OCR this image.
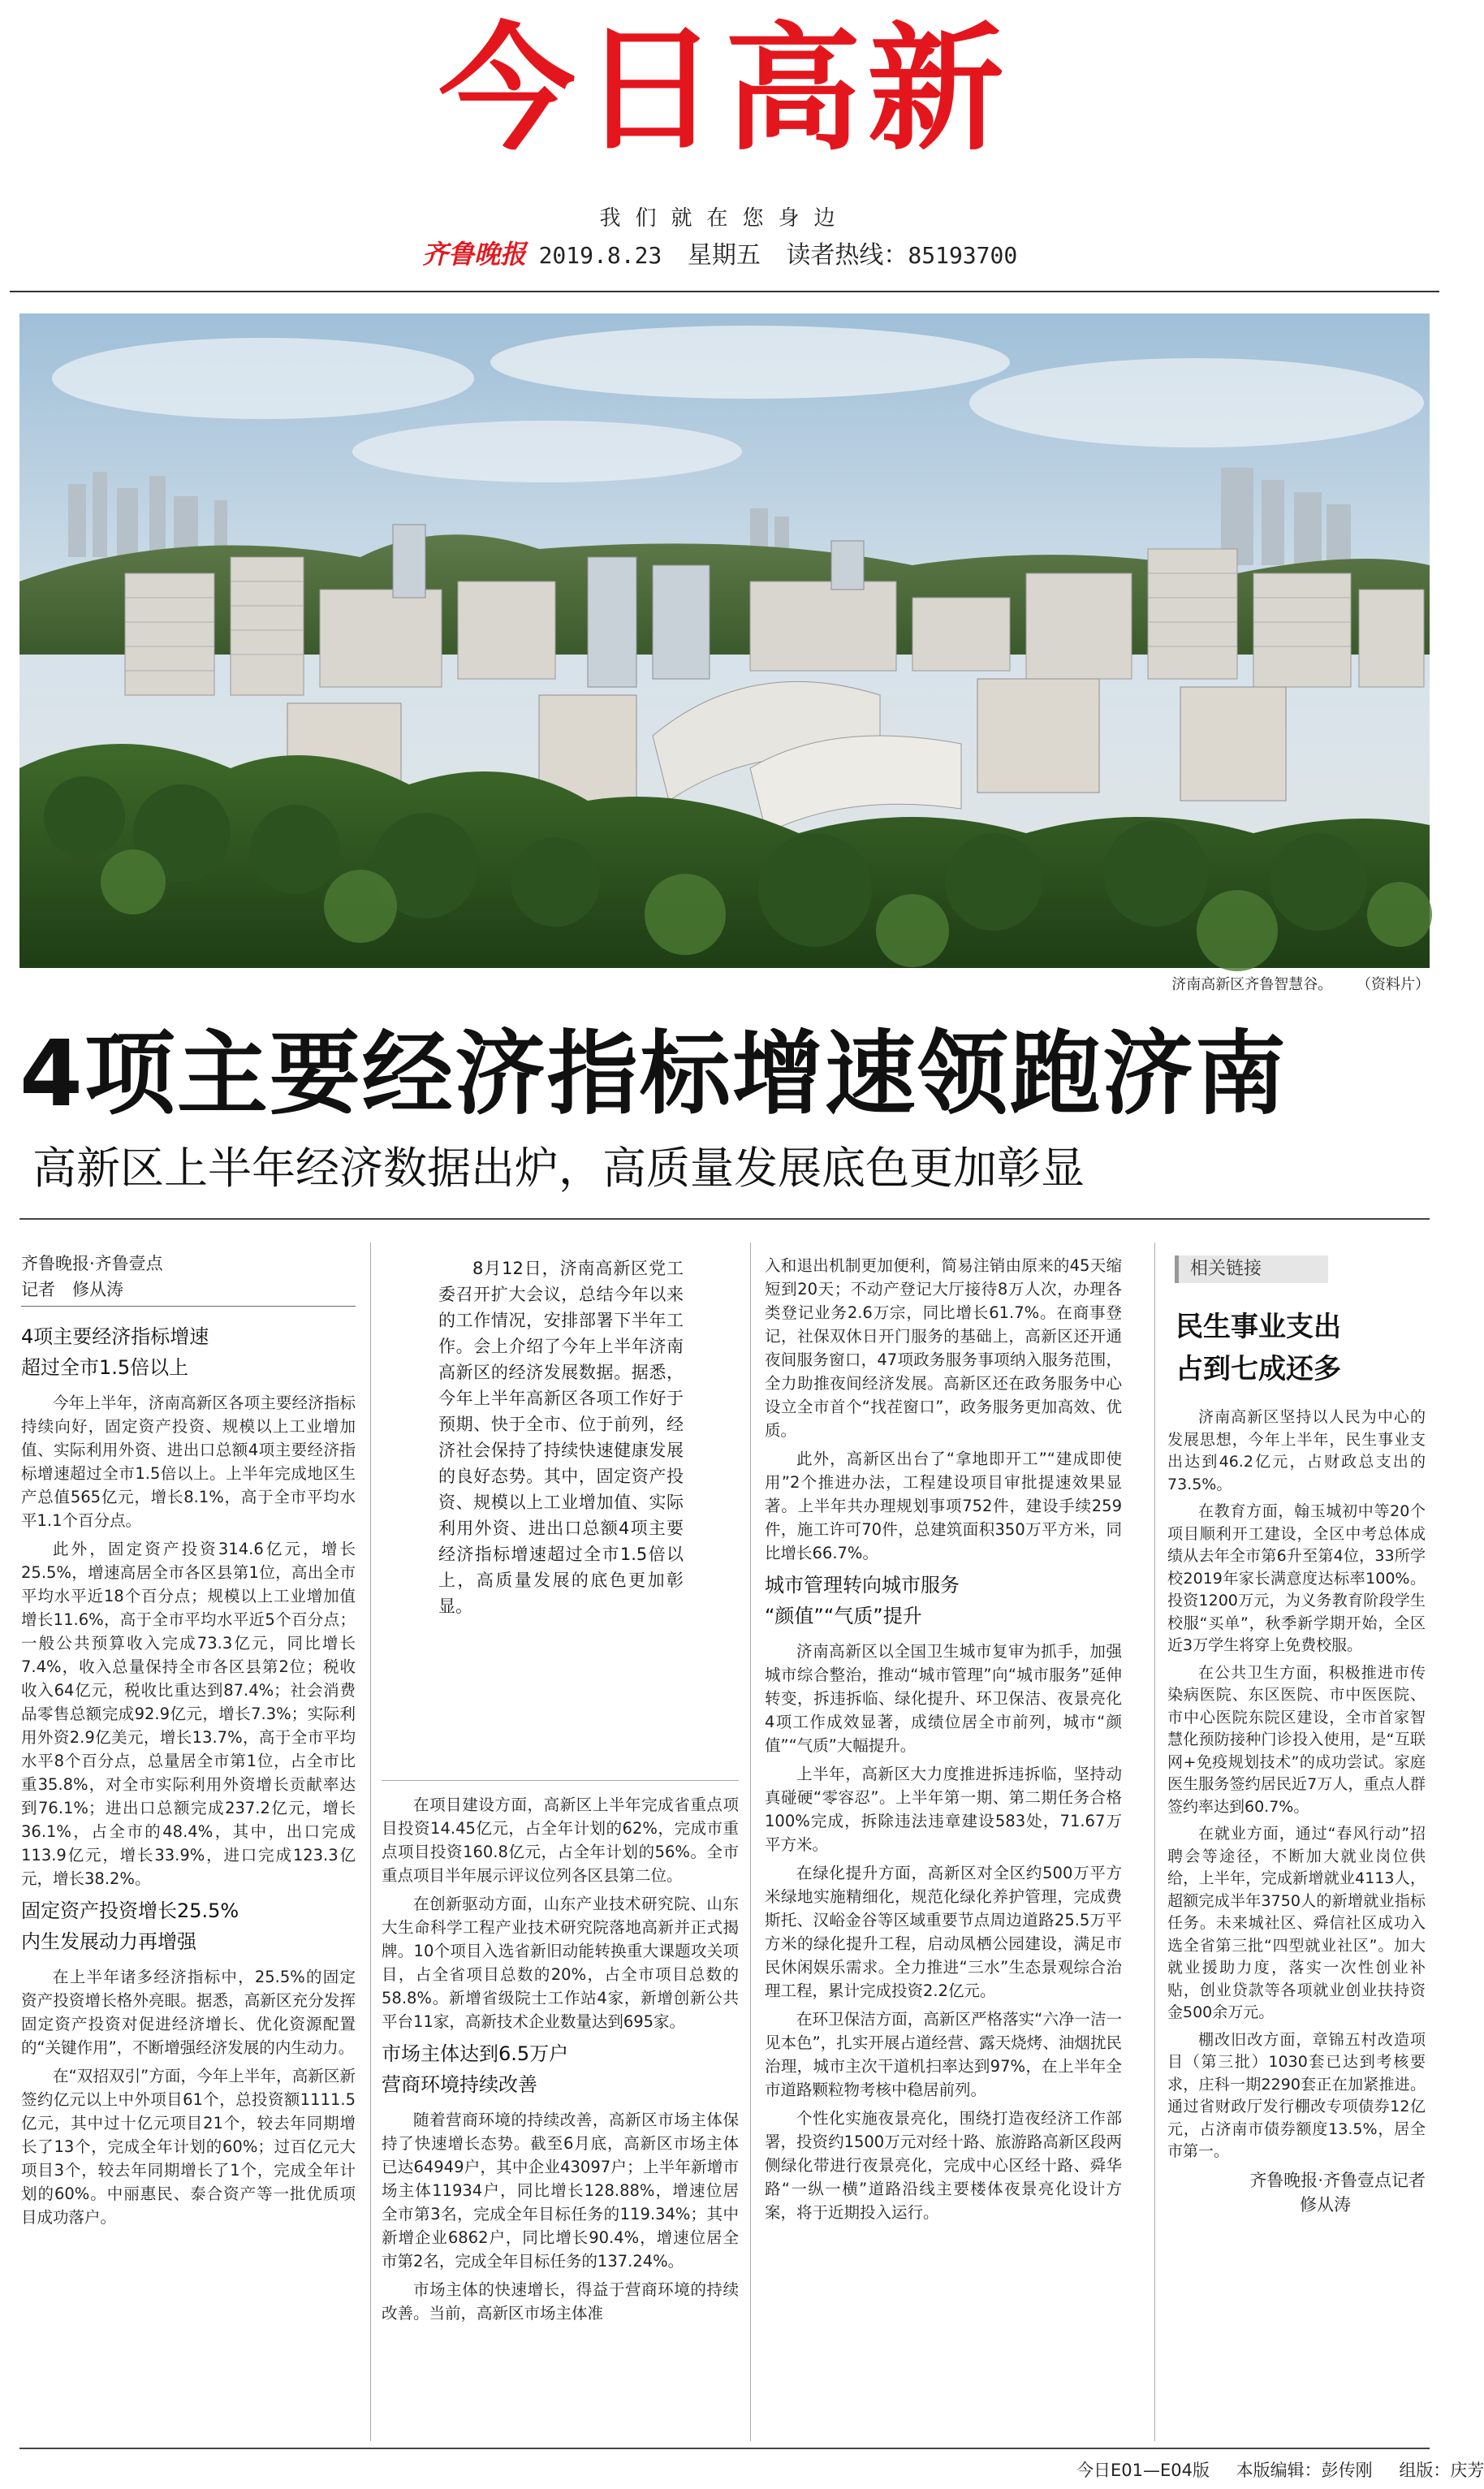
今日高新
我们就在您身边
齐鲁晚报 2019.8.23 星期五 读者热线：85193700
济南高新区齐鲁智慧谷。 （资料片）
4项主要经济指标增速领跑济南
高新区上半年经济数据出炉，高质量发展底色更加彰显
齐鲁晚报·齐鲁壹点
记者　修从涛
4项主要经济指标增速
超过全市1.5倍以上

今年上半年，济南高新区各项主要经济指标持续向好，固定资产投资、规模以上工业增加值、实际利用外资、进出口总额4项主要经济指标增速超过全市1.5倍以上。上半年完成地区生产总值565亿元，增长8.1%，高于全市平均水平1.1个百分点。

此外，固定资产投资314.6亿元，增长25.5%，增速高居全市各区县第1位，高出全市平均水平近18个百分点；规模以上工业增加值增长11.6%，高于全市平均水平近5个百分点；一般公共预算收入完成73.3亿元，同比增长7.4%，收入总量保持全市各区县第2位；税收收入64亿元，税收比重达到87.4%；社会消费品零售总额完成92.9亿元，增长7.3%；实际利用外资2.9亿美元，增长13.7%，高于全市平均水平8个百分点，总量居全市第1位，占全市比重35.8%，对全市实际利用外资增长贡献率达到76.1%；进出口总额完成237.2亿元，增长36.1%，占全市的48.4%，其中，出口完成113.9亿元，增长33.9%，进口完成123.3亿元，增长38.2%。

固定资产投资增长25.5%
内生发展动力再增强

在上半年诸多经济指标中，25.5%的固定资产投资增长格外亮眼。据悉，高新区充分发挥固定资产投资对促进经济增长、优化资源配置的“关键作用”，不断增强经济发展的内生动力。

在“双招双引”方面，今年上半年，高新区新签约亿元以上中外项目61个，总投资额1111.5亿元，其中过十亿元项目21个，较去年同期增长了13个，完成全年计划的60%；过百亿元大项目3个，较去年同期增长了1个，完成全年计划的60%。中丽惠民、泰合资产等一批优质项目成功落户。

8月12日，济南高新区党工委召开扩大会议，总结今年以来的工作情况，安排部署下半年工作。会上介绍了今年上半年济南高新区的经济发展数据。据悉，今年上半年高新区各项工作好于预期、快于全市、位于前列，经济社会保持了持续快速健康发展的良好态势。其中，固定资产投资、规模以上工业增加值、实际利用外资、进出口总额4项主要经济指标增速超过全市1.5倍以上，高质量发展的底色更加彰显。

在项目建设方面，高新区上半年完成省重点项目投资14.45亿元，占全年计划的62%，完成市重点项目投资160.8亿元，占全年计划的56%。全市重点项目半年展示评议位列各区县第二位。

在创新驱动方面，山东产业技术研究院、山东大生命科学工程产业技术研究院落地高新并正式揭牌。10个项目入选省新旧动能转换重大课题攻关项目，占全省项目总数的20%，占全市项目总数的58.8%。新增省级院士工作站4家，新增创新公共平台11家，高新技术企业数量达到695家。

市场主体达到6.5万户
营商环境持续改善

随着营商环境的持续改善，高新区市场主体保持了快速增长态势。截至6月底，高新区市场主体已达64949户，其中企业43097户；上半年新增市场主体11934户，同比增长128.88%，增速位居全市第3名，完成全年目标任务的119.34%；其中新增企业6862户，同比增长90.4%，增速位居全市第2名，完成全年目标任务的137.24%。

市场主体的快速增长，得益于营商环境的持续改善。当前，高新区市场主体准

入和退出机制更加便利，简易注销由原来的45天缩短到20天；不动产登记大厅接待8万人次，办理各类登记业务2.6万宗，同比增长61.7%。在商事登记，社保双休日开门服务的基础上，高新区还开通夜间服务窗口，47项政务服务事项纳入服务范围，全力助推夜间经济发展。高新区还在政务服务中心设立全市首个“找茬窗口”，政务服务更加高效、优质。

此外，高新区出台了“拿地即开工”“建成即使用”2个推进办法，工程建设项目审批提速效果显著。上半年共办理规划事项752件，建设手续259件，施工许可70件，总建筑面积350万平方米，同比增长66.7%。

城市管理转向城市服务
“颜值”“气质”提升

济南高新区以全国卫生城市复审为抓手，加强城市综合整治，推动“城市管理”向“城市服务”延伸转变，拆违拆临、绿化提升、环卫保洁、夜景亮化4项工作成效显著，成绩位居全市前列，城市“颜值”“气质”大幅提升。

上半年，高新区大力度推进拆违拆临，坚持动真碰硬“零容忍”。上半年第一期、第二期任务合格100%完成，拆除违法违章建设583处，71.67万平方米。

在绿化提升方面，高新区对全区约500万平方米绿地实施精细化，规范化绿化养护管理，完成费斯托、汉峪金谷等区域重要节点周边道路25.5万平方米的绿化提升工程，启动凤栖公园建设，满足市民休闲娱乐需求。全力推进“三水”生态景观综合治理工程，累计完成投资2.2亿元。

在环卫保洁方面，高新区严格落实“六净一洁一见本色”，扎实开展占道经营、露天烧烤、油烟扰民治理，城市主次干道机扫率达到97%，在上半年全市道路颗粒物考核中稳居前列。

个性化实施夜景亮化，围绕打造夜经济工作部署，投资约1500万元对经十路、旅游路高新区段两侧绿化带进行夜景亮化，完成中心区经十路、舜华路“一纵一横”道路沿线主要楼体夜景亮化设计方案，将于近期投入运行。

相关链接
民生事业支出
占到七成还多

济南高新区坚持以人民为中心的发展思想，今年上半年，民生事业支出达到46.2亿元，占财政总支出的73.5%。

在教育方面，翰玉城初中等20个项目顺利开工建设，全区中考总体成绩从去年全市第6升至第4位，33所学校2019年家长满意度达标率100%。投资1200万元，为义务教育阶段学生校服“买单”，秋季新学期开始，全区近3万学生将穿上免费校服。

在公共卫生方面，积极推进市传染病医院、东区医院、市中医医院、市中心医院东院区建设，全市首家智慧化预防接种门诊投入使用，是“互联网+免疫规划技术”的成功尝试。家庭医生服务签约居民近7万人，重点人群签约率达到60.7%。

在就业方面，通过“春风行动”招聘会等途径，不断加大就业岗位供给，上半年，完成新增就业4113人，超额完成半年3750人的新增就业指标任务。未来城社区、舜信社区成功入选全省第三批“四型就业社区”。加大就业援助力度，落实一次性创业补贴，创业贷款等各项就业创业扶持资金500余万元。

棚改旧改方面，章锦五村改造项目（第三批）1030套已达到考核要求，庄科一期2290套正在加紧推进。通过省财政厅发行棚改专项债券12亿元，占济南市债券额度13.5%，居全市第一。

齐鲁晚报·齐鲁壹点记者
修从涛
今日E01—E04版 本版编辑：彭传刚 组版：庆芳
